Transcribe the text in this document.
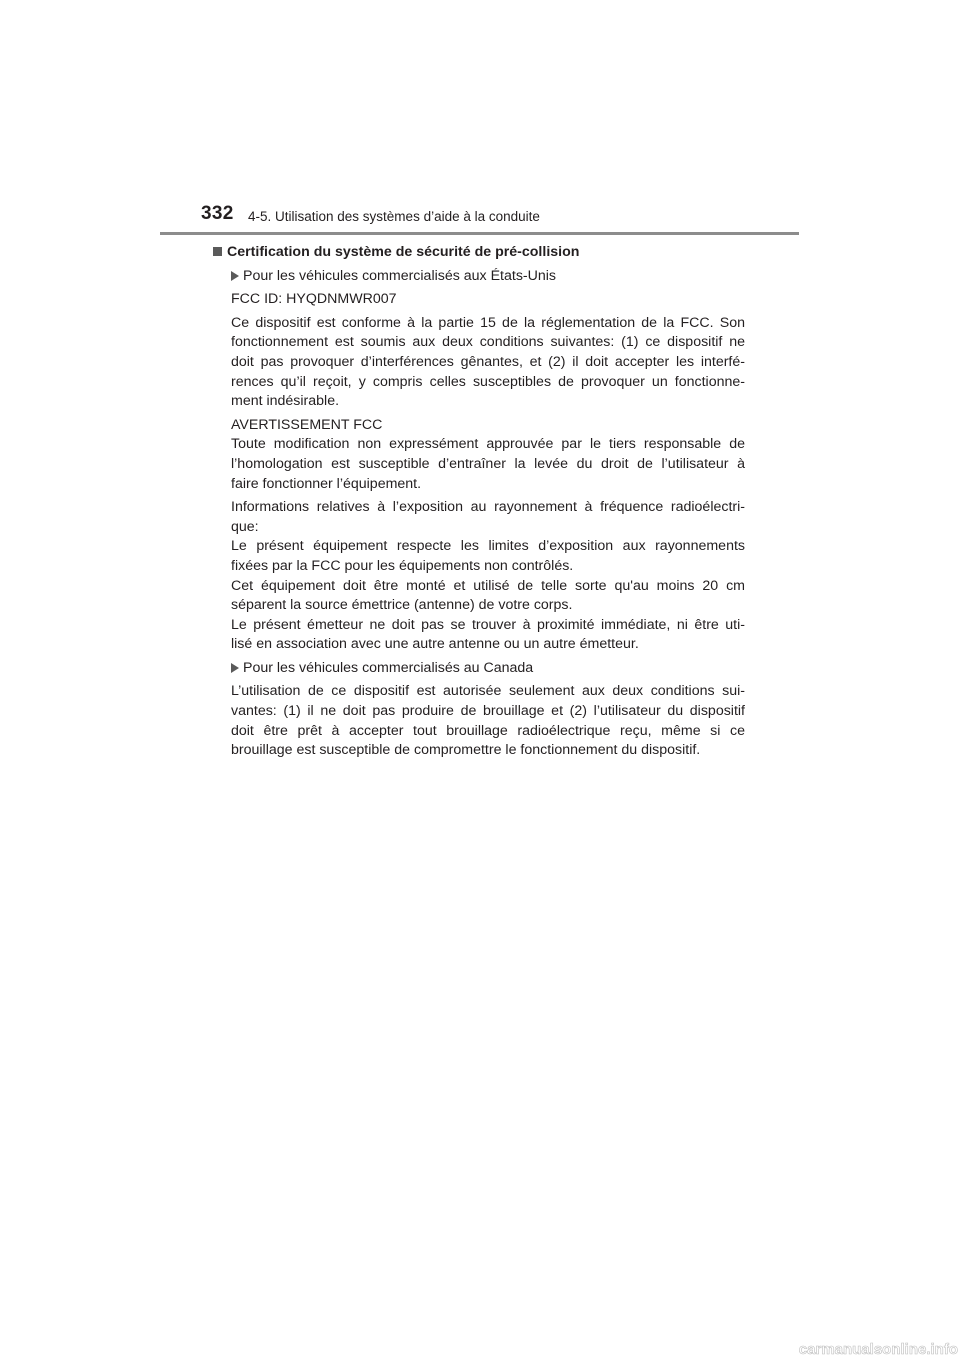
332 4-5. Utilisation des systèmes d’aide à la conduite
Certification du système de sécurité de pré-collision
Pour les véhicules commercialisés aux États-Unis

FCC ID: HYQDNMWR007

Ce dispositif est conforme à la partie 15 de la réglementation de la FCC. Son
fonctionnement est soumis aux deux conditions suivantes: (1) ce dispositif ne
doit pas provoquer d’interférences gênantes, et (2) il doit accepter les interfé-
rences qu’il reçoit, y compris celles susceptibles de provoquer un fonctionne-
ment indésirable.

AVERTISSEMENT FCC
Toute modification non expressément approuvée par le tiers responsable de
l’homologation est susceptible d’entraîner la levée du droit de l’utilisateur à
faire fonctionner l’équipement.
Informations relatives à l’exposition au rayonnement à fréquence radioélectri-
que:
Le présent équipement respecte les limites d’exposition aux rayonnements
fixées par la FCC pour les équipements non contrôlés.
Cet équipement doit être monté et utilisé de telle sorte qu'au moins 20 cm
séparent la source émettrice (antenne) de votre corps.
Le présent émetteur ne doit pas se trouver à proximité immédiate, ni être uti-
lisé en association avec une autre antenne ou un autre émetteur.
Pour les véhicules commercialisés au Canada
L’utilisation de ce dispositif est autorisée seulement aux deux conditions sui-
vantes: (1) il ne doit pas produire de brouillage et (2) l’utilisateur du dispositif
doit être prêt à accepter tout brouillage radioélectrique reçu, même si ce
brouillage est susceptible de compromettre le fonctionnement du dispositif.
carmanualsonline.info
